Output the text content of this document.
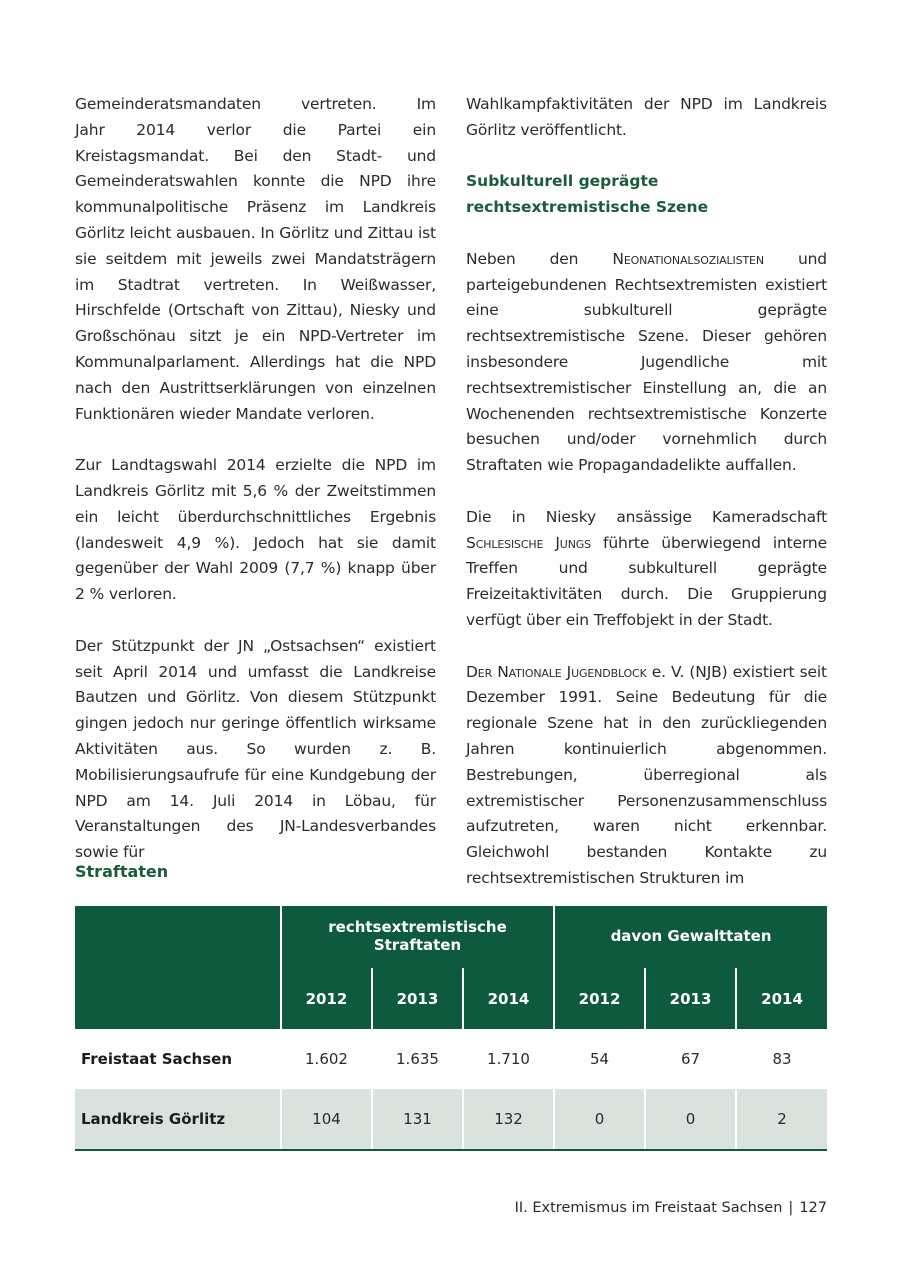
Gemeinderatsmandaten vertreten. Im
Jahr 2014 verlor die Partei ein Kreistagsmandat. Bei den Stadt- und Gemeinderatswahlen konnte die NPD ihre kommunalpolitische Präsenz im Landkreis Görlitz leicht ausbauen. In Görlitz und Zittau ist sie seitdem mit jeweils zwei Mandatsträgern im Stadtrat vertreten. In Weißwasser, Hirschfelde (Ortschaft von Zittau), Niesky und Großschönau sitzt je ein NPD-Vertreter im Kommunalparlament. Allerdings hat die NPD nach den Austrittserklärungen von einzelnen Funktionären wieder Mandate verloren.

Zur Landtagswahl 2014 erzielte die NPD im Landkreis Görlitz mit 5,6 % der Zweitstimmen ein leicht überdurchschnittliches Ergebnis (landesweit 4,9 %). Jedoch hat sie damit gegenüber der Wahl 2009 (7,7 %) knapp über 2 % verloren.

Der Stützpunkt der JN „Ostsachsen“ existiert seit April 2014 und umfasst die Landkreise Bautzen und Görlitz. Von diesem Stützpunkt gingen jedoch nur geringe öffentlich wirksame Aktivitäten aus. So wurden z. B. Mobilisierungsaufrufe für eine Kundgebung der NPD am 14. Juli 2014 in Löbau, für Veranstaltungen des JN-Landesverbandes sowie für

Wahlkampfaktivitäten der NPD im Landkreis Görlitz veröffentlicht.

Subkulturell geprägte rechtsextremistische Szene

Neben den Neonationalsozialisten und parteigebundenen Rechtsextremisten existiert eine subkulturell geprägte rechtsextremistische Szene. Dieser gehören insbesondere Jugendliche mit rechtsextremistischer Einstellung an, die an Wochenenden rechtsextremistische Konzerte besuchen und/oder vornehmlich durch Straftaten wie Propagandadelikte auffallen.

Die in Niesky ansässige Kameradschaft Schlesische Jungs führte überwiegend interne Treffen und subkulturell geprägte Freizeitaktivitäten durch. Die Gruppierung verfügt über ein Treffobjekt in der Stadt.

Der Nationale Jugendblock e. V. (NJB) existiert seit Dezember 1991. Seine Bedeutung für die regionale Szene hat in den zurückliegenden Jahren kontinuierlich abgenommen. Bestrebungen, überregional als extremistischer Personenzusammenschluss aufzutreten, waren nicht erkennbar. Gleichwohl bestanden Kontakte zu rechtsextremistischen Strukturen im

Straftaten
	rechtsextremistische Straftaten			davon Gewalttaten		
	2012	2013	2014	2012	2013	2014
Freistaat Sachsen	1.602	1.635	1.710	54	67	83
Landkreis Görlitz	104	131	132	0	0	2
II. Extremismus im Freistaat Sachsen | 127
